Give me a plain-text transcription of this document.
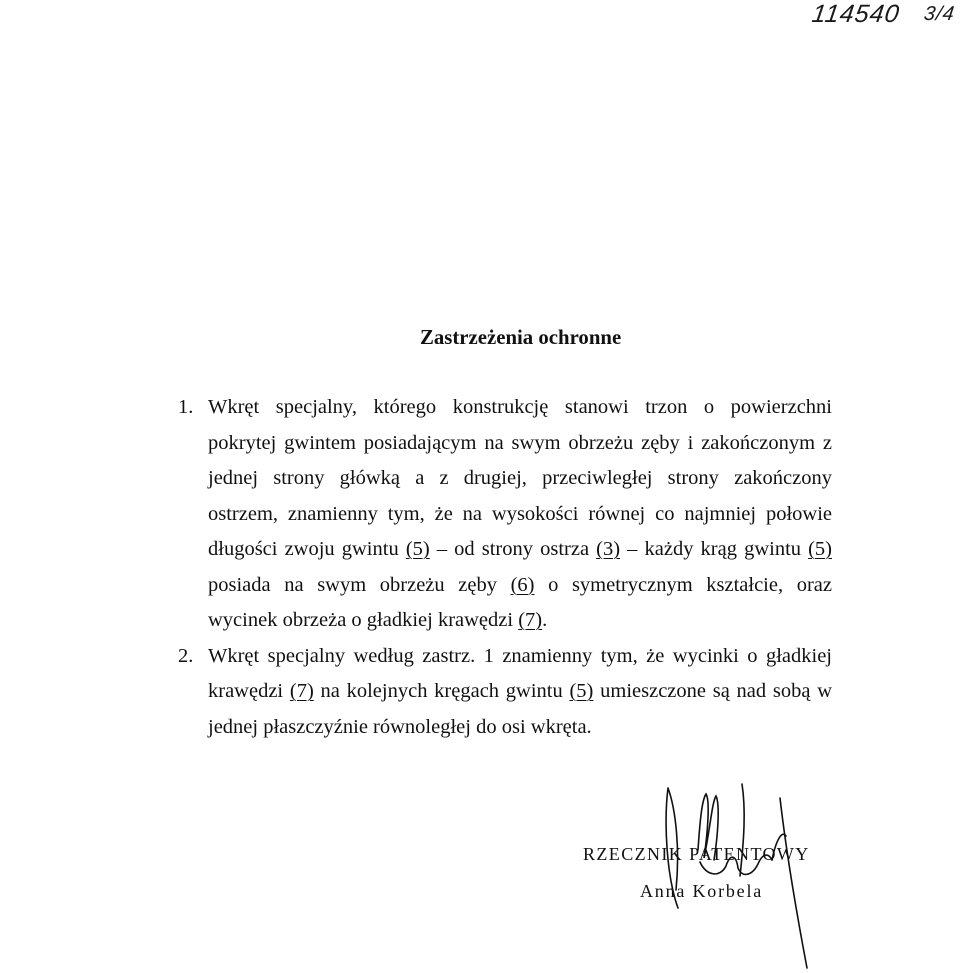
114540 3/4
Zastrzeżenia ochronne
1. Wkręt specjalny, którego konstrukcję stanowi trzon o powierzchni
pokrytej gwintem posiadającym na swym obrzeżu zęby i zakończonym z
jednej strony główką a z drugiej, przeciwległej strony zakończony
ostrzem, znamienny tym, że na wysokości równej co najmniej połowie
długości zwoju gwintu (5) – od strony ostrza (3) – każdy krąg gwintu (5)
posiada na swym obrzeżu zęby (6) o symetrycznym kształcie, oraz
wycinek obrzeża o gładkiej krawędzi (7).
2. Wkręt specjalny według zastrz. 1 znamienny tym, że wycinki o gładkiej
krawędzi (7) na kolejnych kręgach gwintu (5) umieszczone są nad sobą w
jednej płaszczyźnie równoległej do osi wkręta.
RZECZNIK PATENTOWY
Anna Korbela
